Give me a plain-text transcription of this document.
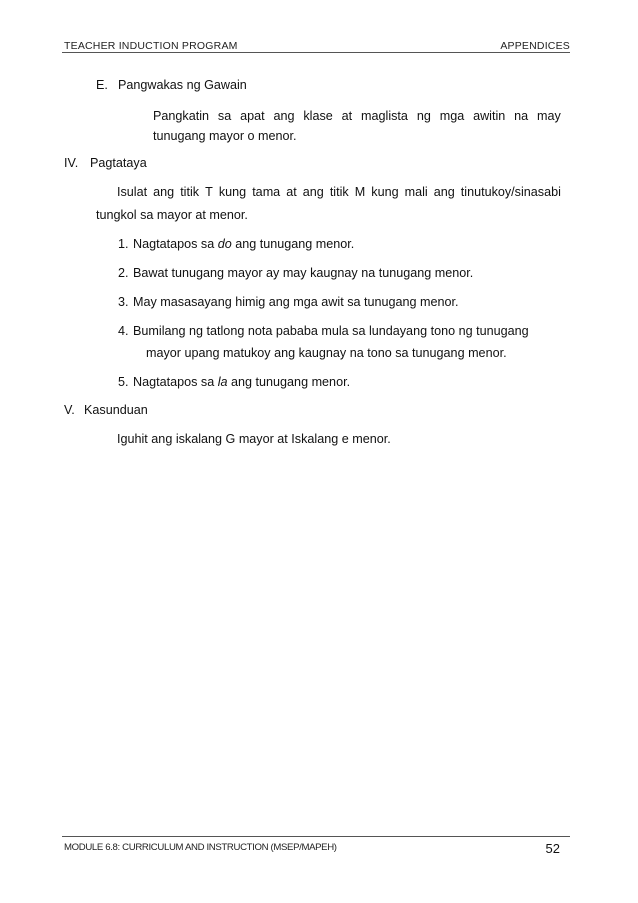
TEACHER INDUCTION PROGRAM	APPENDICES
E. Pangwakas ng Gawain
Pangkatin sa apat ang klase at maglista ng mga awitin na may
tunugang mayor o menor.
IV. Pagtataya
Isulat ang titik T kung tama at ang titik M kung mali ang tinutukoy/sinasabi
tungkol sa mayor at menor.
1. Nagtatapos sa do ang tunugang menor.
2. Bawat tunugang mayor ay may kaugnay na tunugang menor.
3. May masasayang himig ang mga awit sa tunugang menor.
4. Bumilang ng tatlong nota pababa mula sa lundayang tono ng tunugang
mayor upang matukoy ang kaugnay na tono sa tunugang menor.
5. Nagtatapos sa la ang tunugang menor.
V. Kasunduan
Iguhit ang iskalang G mayor at Iskalang e menor.
MODULE 6.8: CURRICULUM AND INSTRUCTION (MSEP/MAPEH)	52
